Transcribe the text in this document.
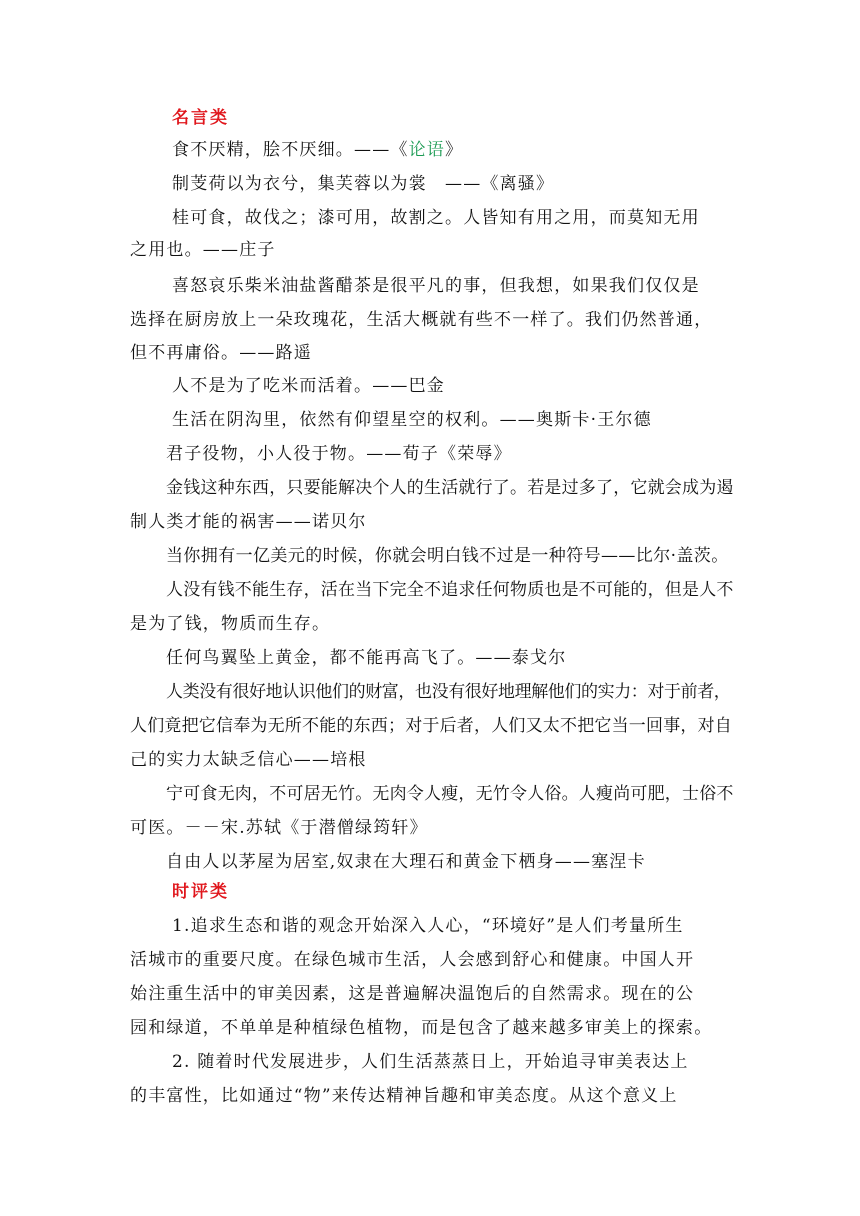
名言类
食不厌精，脍不厌细。——《论语》
制芰荷以为衣兮，集芙蓉以为裳　——《离骚》
桂可食，故伐之；漆可用，故割之。人皆知有用之用，而莫知无用
之用也。——庄子
喜怒哀乐柴米油盐酱醋茶是很平凡的事，但我想，如果我们仅仅是
选择在厨房放上一朵玫瑰花，生活大概就有些不一样了。我们仍然普通，
但不再庸俗。——路遥
人不是为了吃米而活着。——巴金
生活在阴沟里，依然有仰望星空的权利。——奥斯卡·王尔德
君子役物，小人役于物。——荀子《荣辱》
金钱这种东西，只要能解决个人的生活就行了。若是过多了，它就会成为遏
制人类才能的祸害——诺贝尔
当你拥有一亿美元的时候，你就会明白钱不过是一种符号——比尔·盖茨。
人没有钱不能生存，活在当下完全不追求任何物质也是不可能的，但是人不
是为了钱，物质而生存。
任何鸟翼坠上黄金，都不能再高飞了。——泰戈尔
人类没有很好地认识他们的财富，也没有很好地理解他们的实力：对于前者，
人们竟把它信奉为无所不能的东西；对于后者，人们又太不把它当一回事，对自
己的实力太缺乏信心——培根
宁可食无肉，不可居无竹。无肉令人瘦，无竹令人俗。人瘦尚可肥，士俗不
可医。－－宋.苏轼《于潜僧绿筠轩》
自由人以茅屋为居室,奴隶在大理石和黄金下栖身——塞涅卡
时评类
1.追求生态和谐的观念开始深入人心，“环境好”是人们考量所生
活城市的重要尺度。在绿色城市生活，人会感到舒心和健康。中国人开
始注重生活中的审美因素，这是普遍解决温饱后的自然需求。现在的公
园和绿道，不单单是种植绿色植物，而是包含了越来越多审美上的探索。
2. 随着时代发展进步，人们生活蒸蒸日上，开始追寻审美表达上
的丰富性，比如通过“物”来传达精神旨趣和审美态度。从这个意义上
